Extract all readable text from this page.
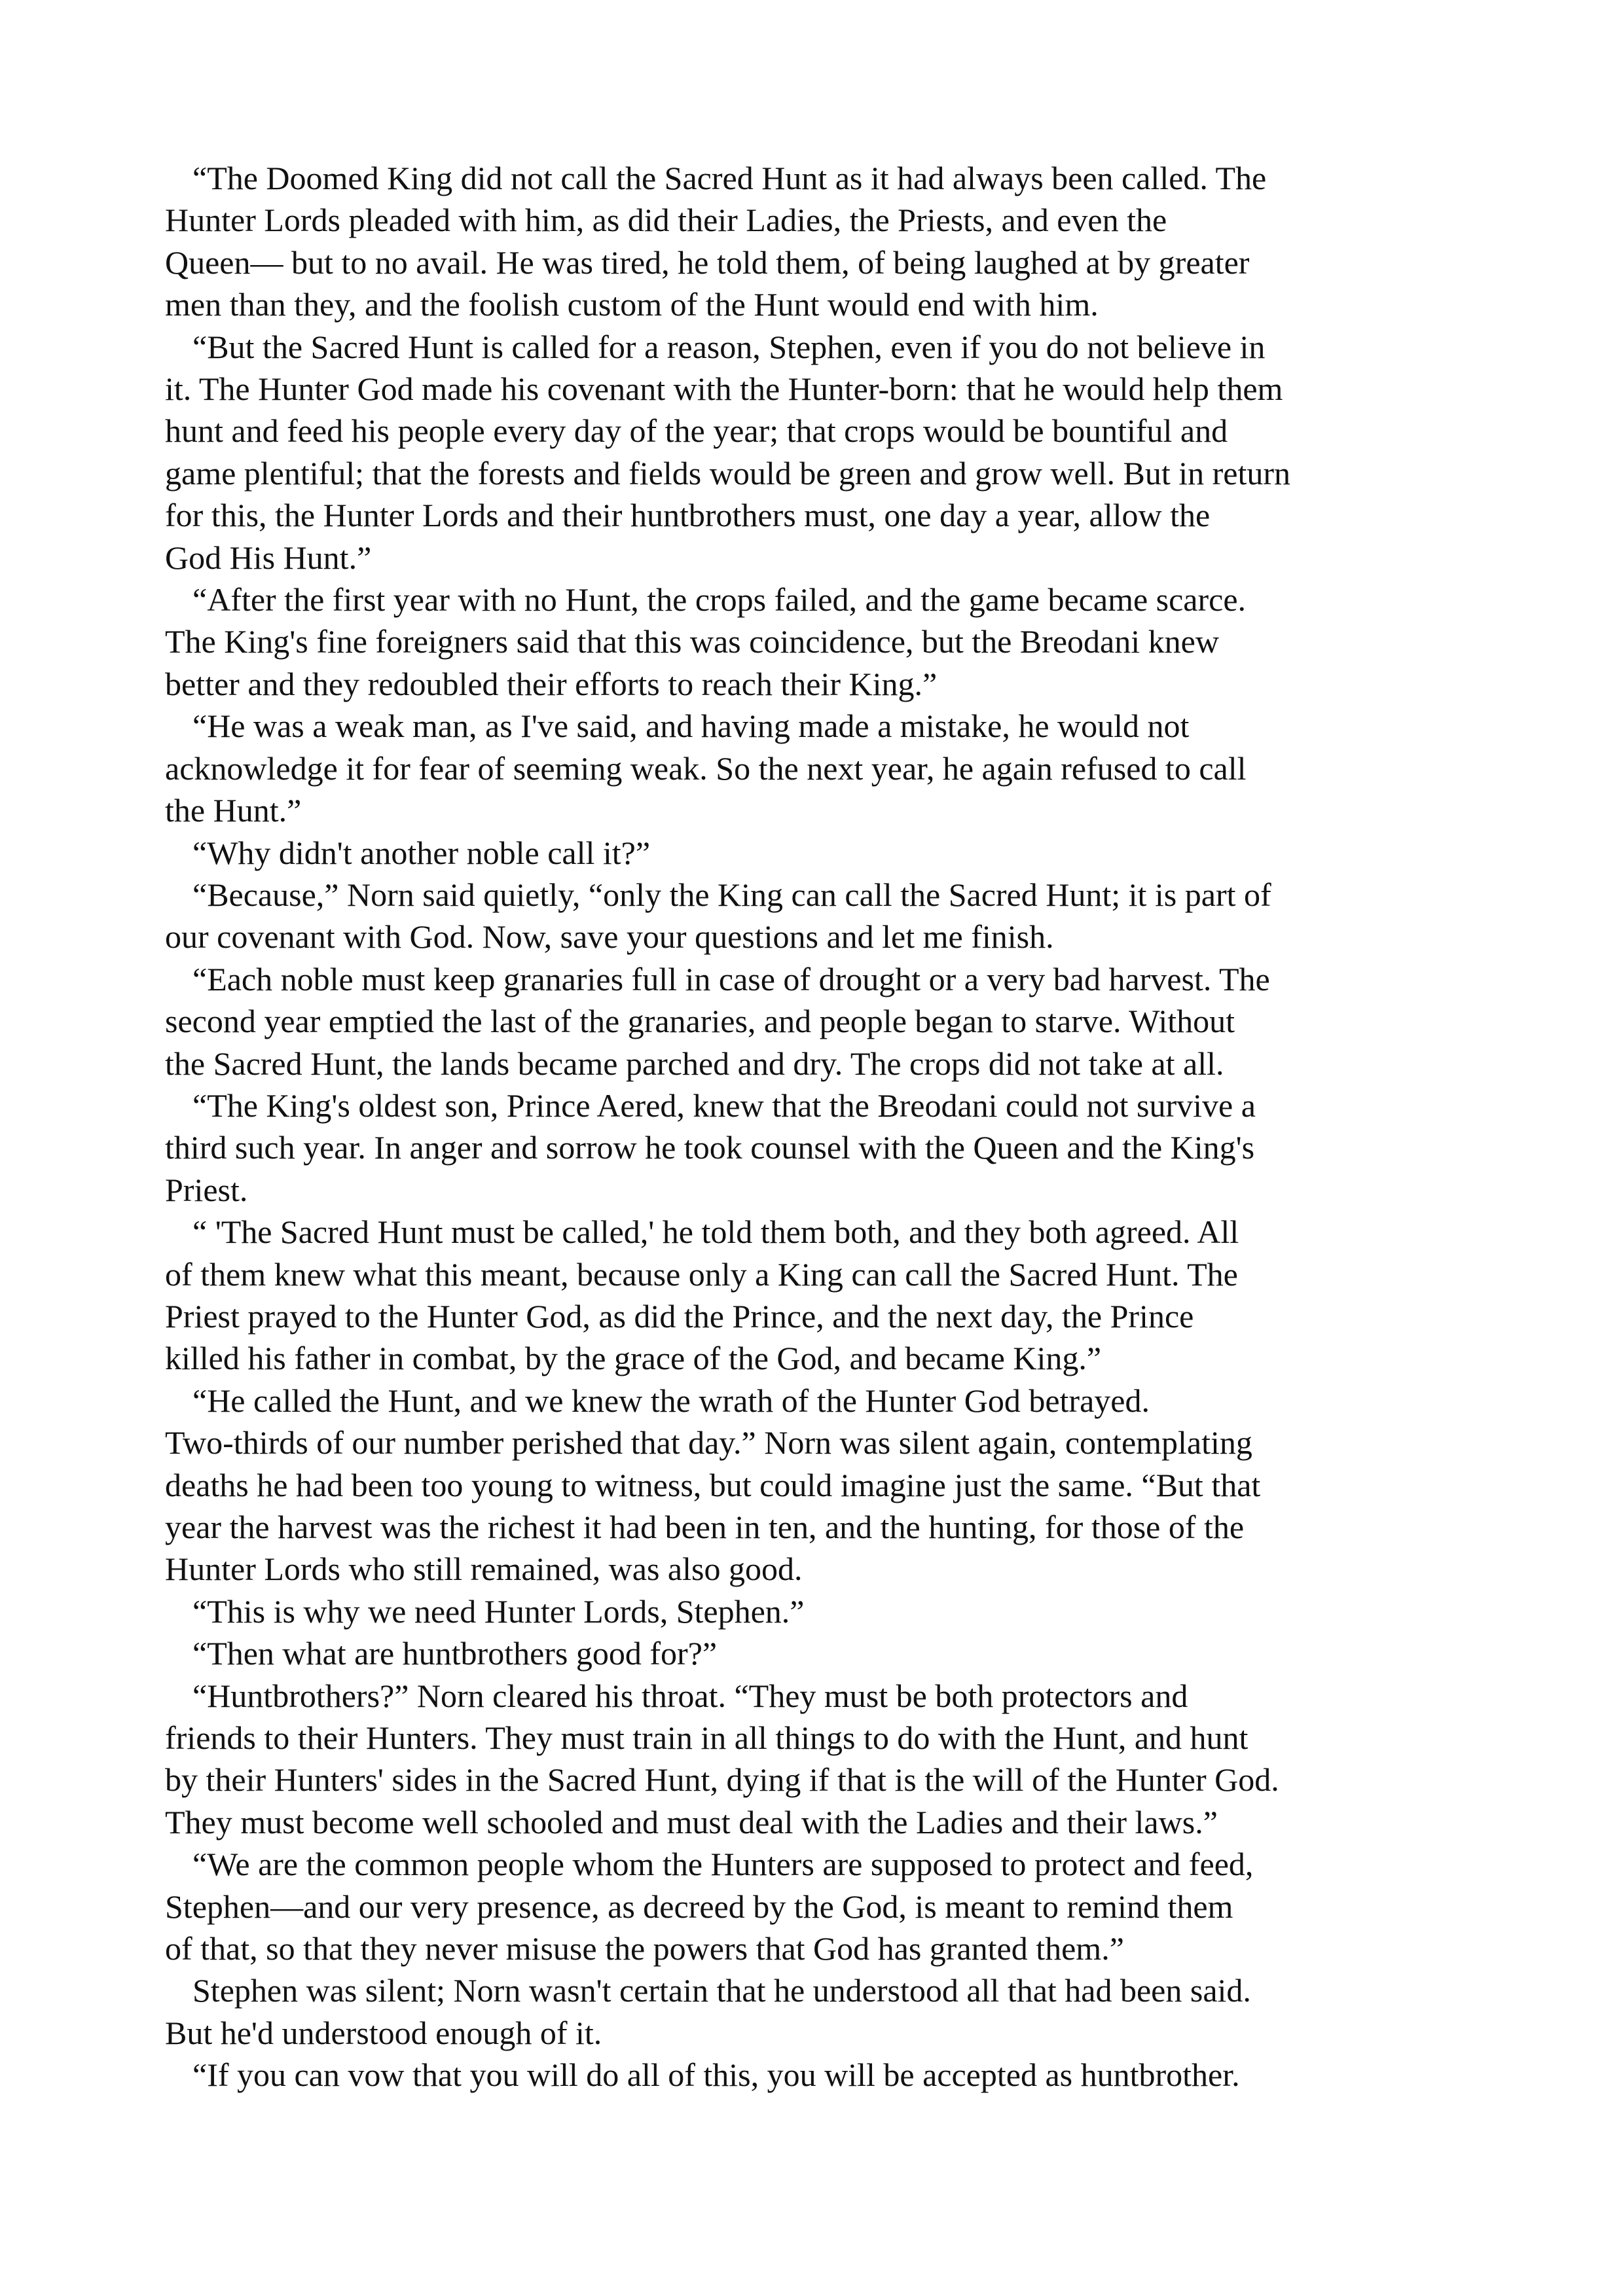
“The Doomed King did not call the Sacred Hunt as it had always been called. The
Hunter Lords pleaded with him, as did their Ladies, the Priests, and even the
Queen— but to no avail. He was tired, he told them, of being laughed at by greater
men than they, and the foolish custom of the Hunt would end with him.

“But the Sacred Hunt is called for a reason, Stephen, even if you do not believe in
it. The Hunter God made his covenant with the Hunter-born: that he would help them
hunt and feed his people every day of the year; that crops would be bountiful and
game plentiful; that the forests and fields would be green and grow well. But in return
for this, the Hunter Lords and their huntbrothers must, one day a year, allow the
God His Hunt.”

“After the first year with no Hunt, the crops failed, and the game became scarce.
The King's fine foreigners said that this was coincidence, but the Breodani knew
better and they redoubled their efforts to reach their King.”

“He was a weak man, as I've said, and having made a mistake, he would not
acknowledge it for fear of seeming weak. So the next year, he again refused to call
the Hunt.”

“Why didn't another noble call it?”

“Because,” Norn said quietly, “only the King can call the Sacred Hunt; it is part of
our covenant with God. Now, save your questions and let me finish.

“Each noble must keep granaries full in case of drought or a very bad harvest. The
second year emptied the last of the granaries, and people began to starve. Without
the Sacred Hunt, the lands became parched and dry. The crops did not take at all.

“The King's oldest son, Prince Aered, knew that the Breodani could not survive a
third such year. In anger and sorrow he took counsel with the Queen and the King's
Priest.

“ 'The Sacred Hunt must be called,' he told them both, and they both agreed. All
of them knew what this meant, because only a King can call the Sacred Hunt. The
Priest prayed to the Hunter God, as did the Prince, and the next day, the Prince
killed his father in combat, by the grace of the God, and became King.”

“He called the Hunt, and we knew the wrath of the Hunter God betrayed.
Two-thirds of our number perished that day.” Norn was silent again, contemplating
deaths he had been too young to witness, but could imagine just the same. “But that
year the harvest was the richest it had been in ten, and the hunting, for those of the
Hunter Lords who still remained, was also good.

“This is why we need Hunter Lords, Stephen.”

“Then what are huntbrothers good for?”

“Huntbrothers?” Norn cleared his throat. “They must be both protectors and
friends to their Hunters. They must train in all things to do with the Hunt, and hunt
by their Hunters' sides in the Sacred Hunt, dying if that is the will of the Hunter God.
They must become well schooled and must deal with the Ladies and their laws.”

“We are the common people whom the Hunters are supposed to protect and feed,
Stephen—and our very presence, as decreed by the God, is meant to remind them
of that, so that they never misuse the powers that God has granted them.”

Stephen was silent; Norn wasn't certain that he understood all that had been said.
But he'd understood enough of it.

“If you can vow that you will do all of this, you will be accepted as huntbrother.
